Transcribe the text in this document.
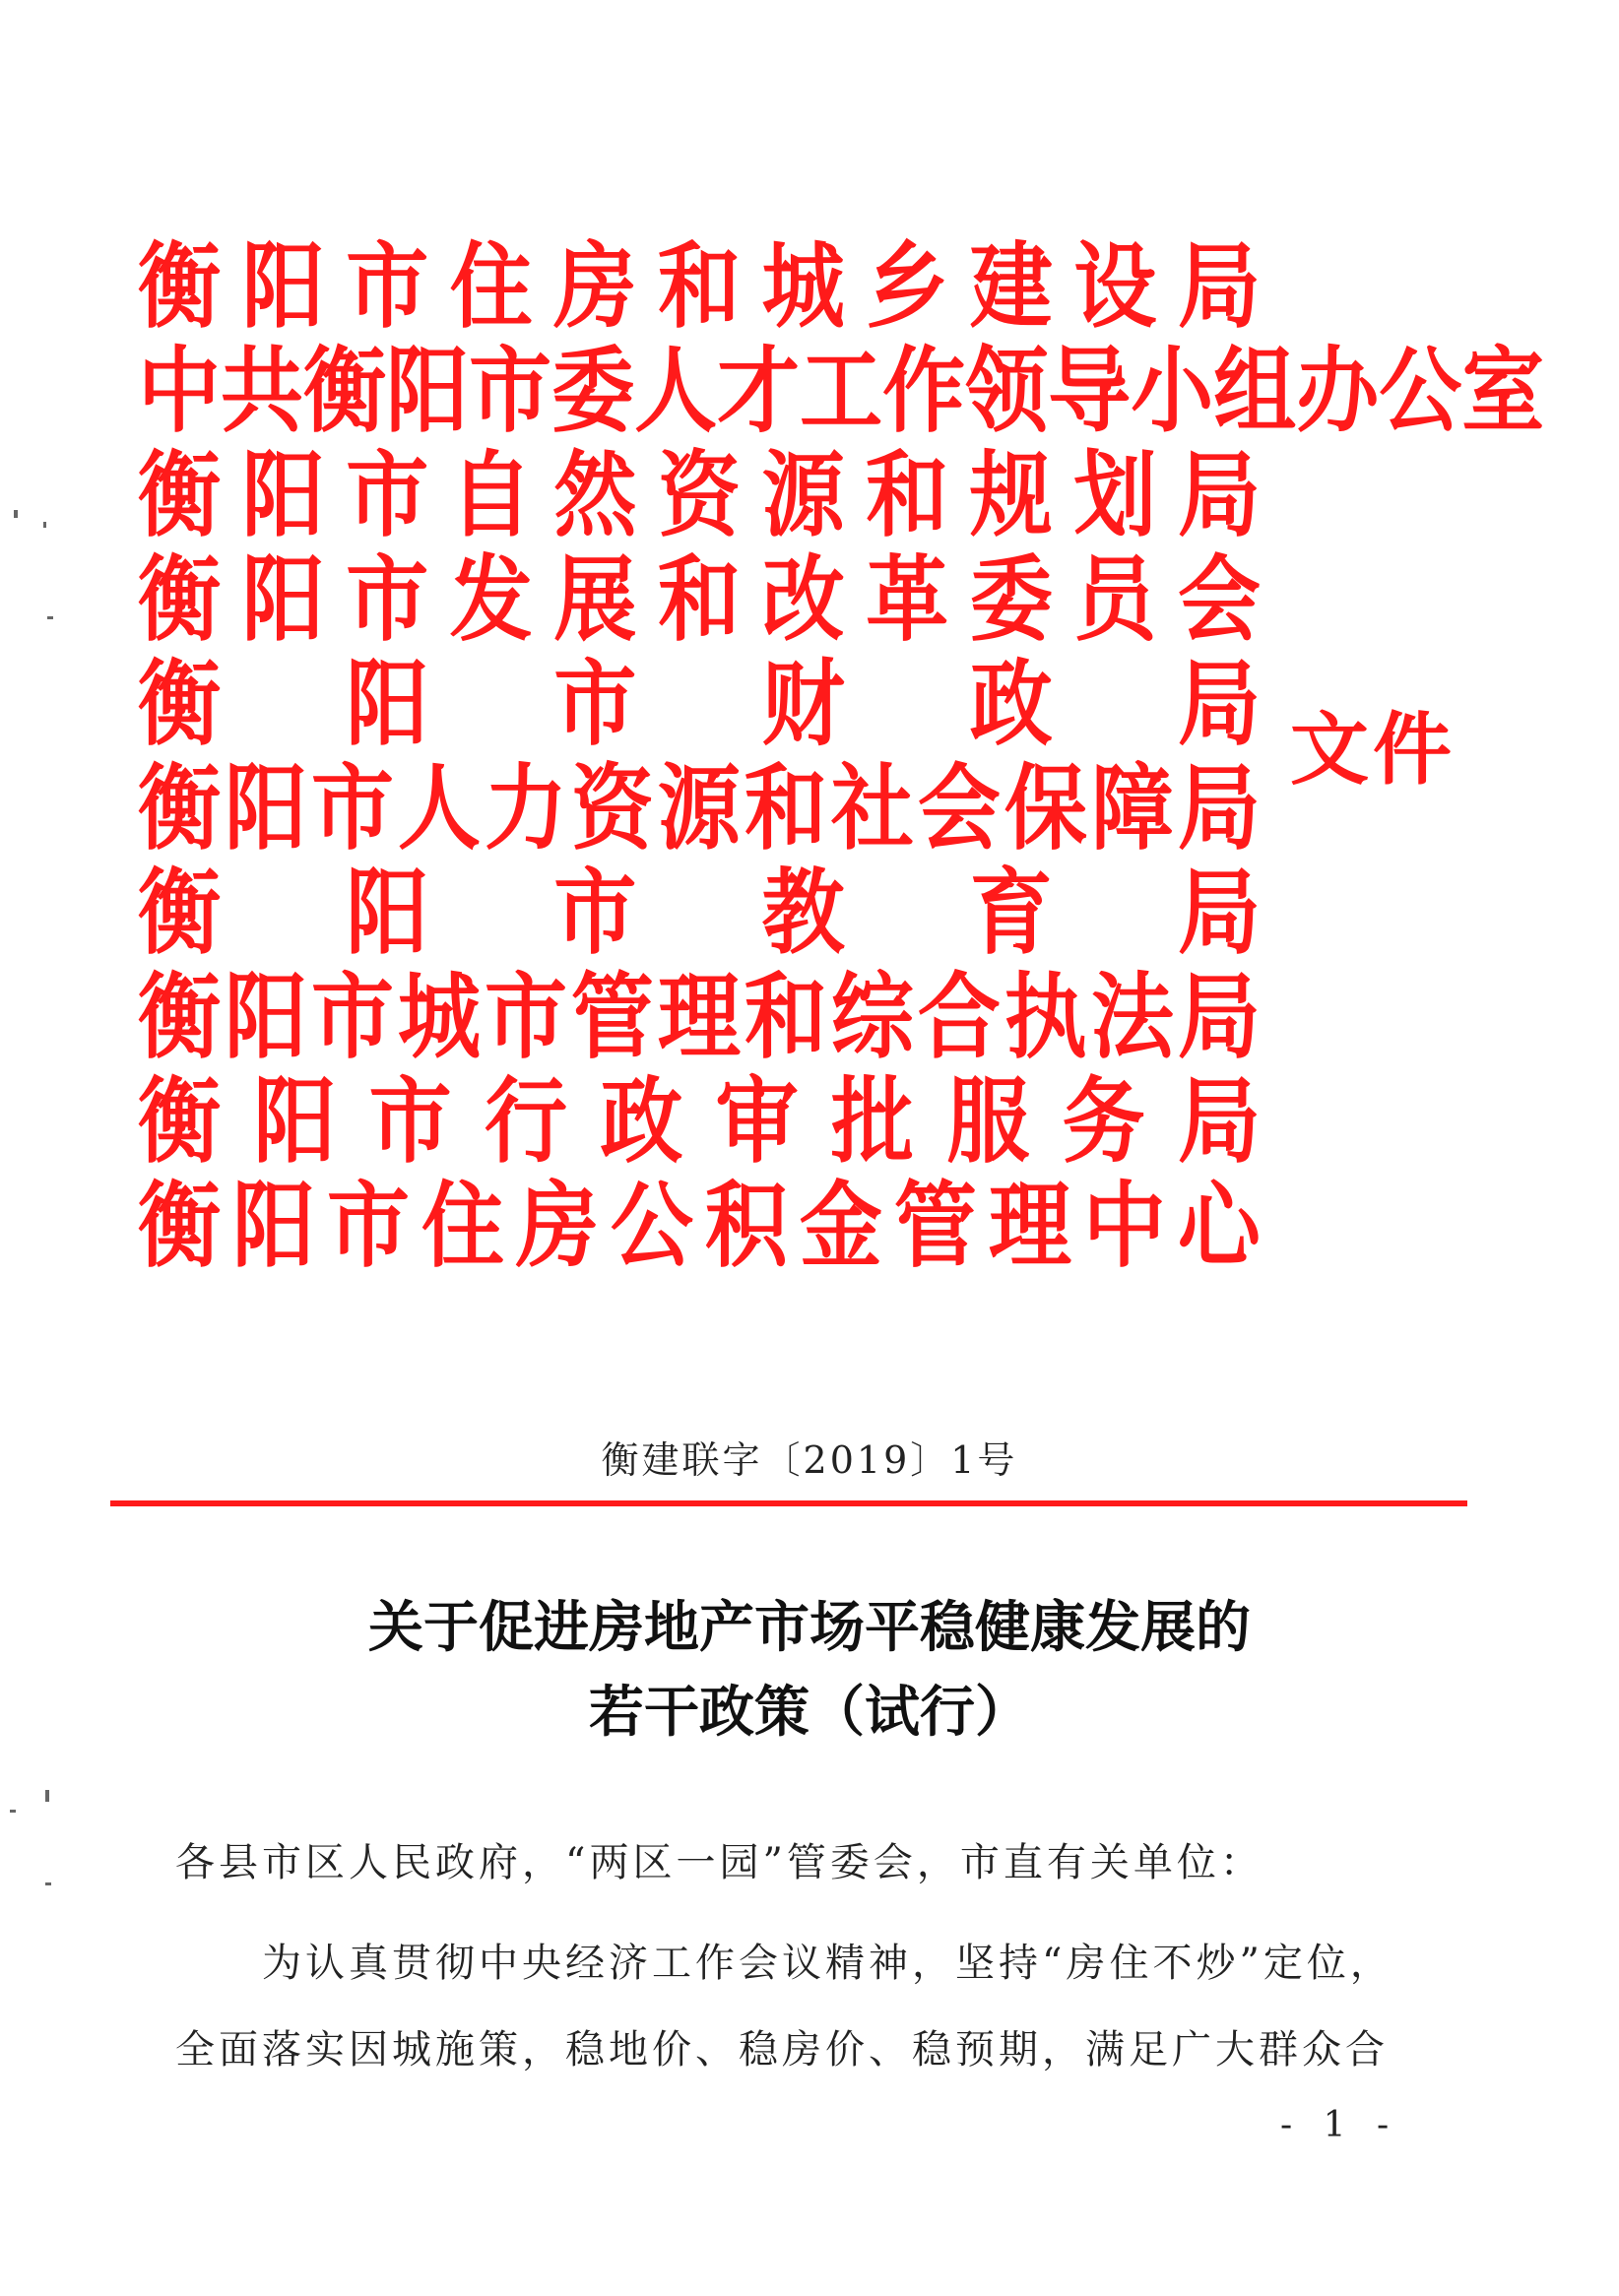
衡 阳 市 住 房 和 城 乡 建 设 局
中 共 衡 阳 市 委 人 才 工 作 领 导 小 组 办 公 室
衡 阳 市 自 然 资 源 和 规 划 局
衡 阳 市 发 展 和 改 革 委 员 会
衡 阳 市 财 政 局
衡 阳 市 人 力 资 源 和 社 会 保 障 局
衡 阳 市 教 育 局
衡 阳 市 城 市 管 理 和 综 合 执 法 局
衡 阳 市 行 政 审 批 服 务 局
衡 阳 市 住 房 公 积 金 管 理 中 心
文件
衡建联字〔2019〕1号
关于促进房地产市场平稳健康发展的
若干政策（试行）
各县市区人民政府，“两区一园”管委会，市直有关单位：
为认真贯彻中央经济工作会议精神，坚持“房住不炒”定位，
全面落实因城施策，稳地价、稳房价、稳预期，满足广大群众合
- 1 -
